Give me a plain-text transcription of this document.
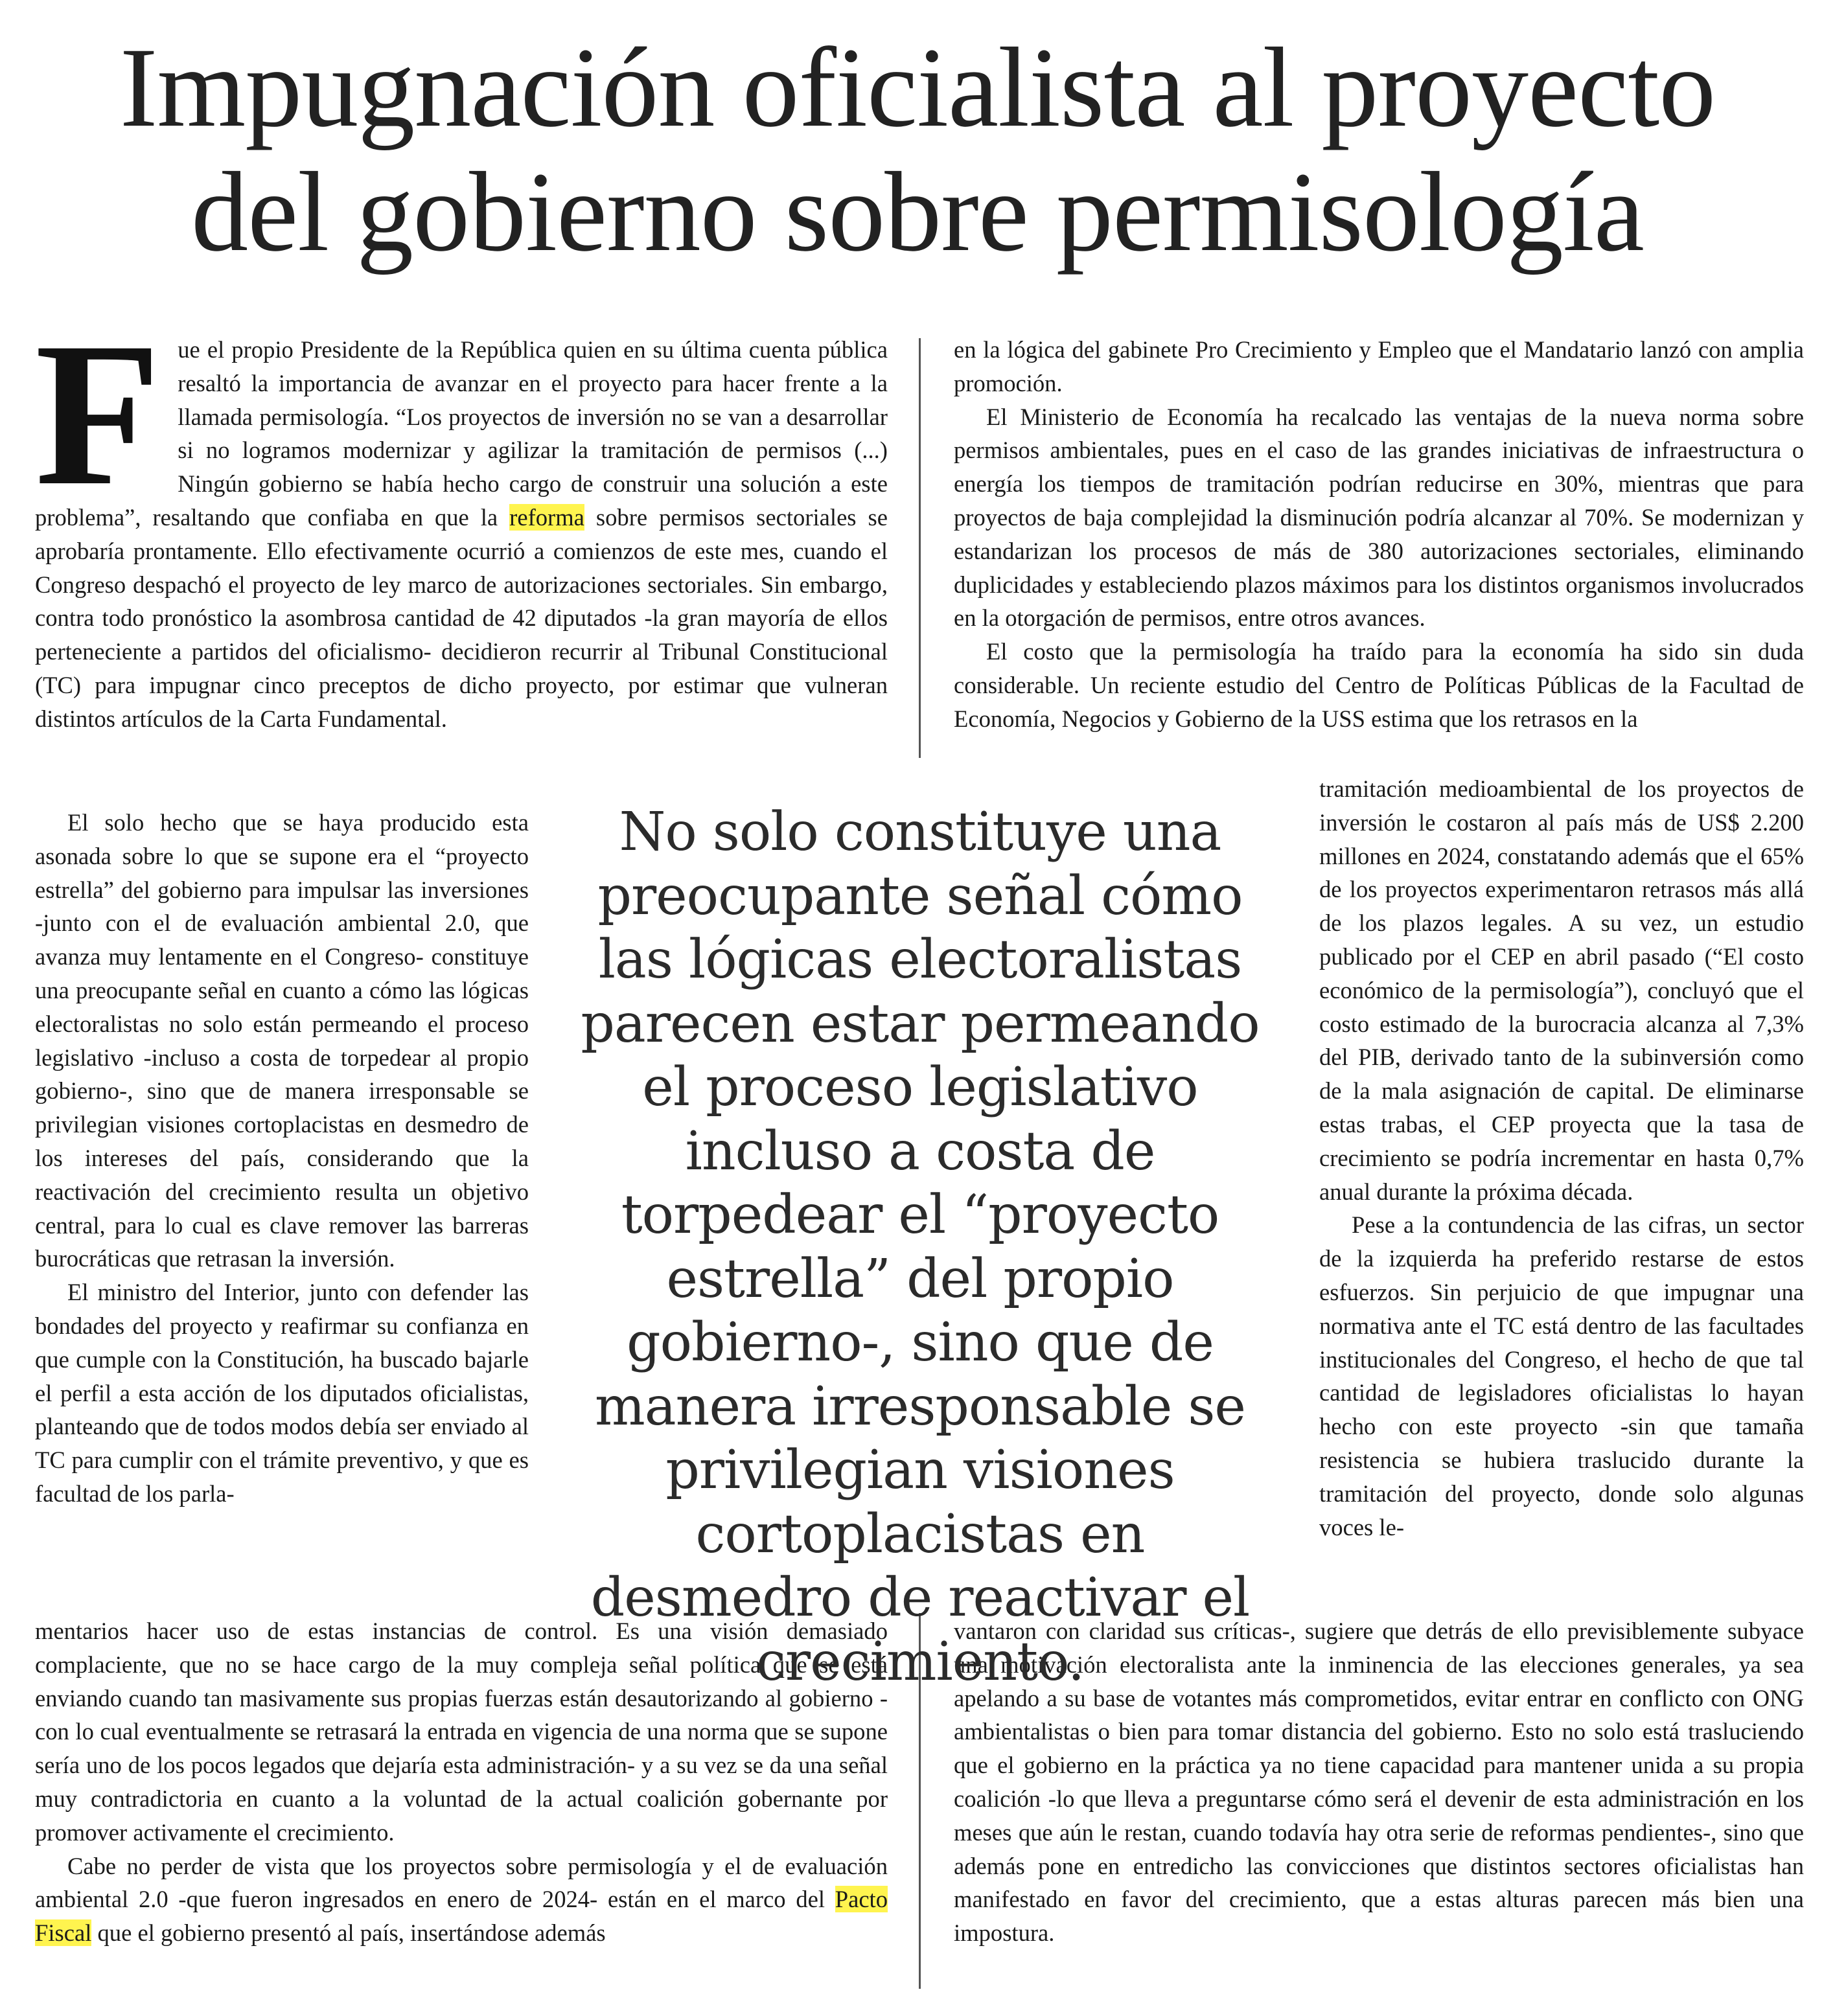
Impugnación oficialista al proyecto
del gobierno sobre permisología

Fue el propio Presidente de la República quien en su última cuenta pública resaltó la importancia de avanzar en el proyecto para hacer frente a la llamada permisología. “Los proyectos de inversión no se van a desarrollar si no logramos modernizar y agilizar la tramitación de permisos (...) Ningún gobierno se había hecho cargo de construir una solución a este problema”, resaltando que confiaba en que la reforma sobre permisos sectoriales se aprobaría prontamente. Ello efectivamente ocurrió a comienzos de este mes, cuando el Congreso despachó el proyecto de ley marco de autorizaciones sectoriales. Sin embargo, contra todo pronóstico la asombrosa cantidad de 42 diputados -la gran mayoría de ellos perteneciente a partidos del oficialismo- decidieron recurrir al Tribunal Constitucional (TC) para impugnar cinco preceptos de dicho proyecto, por estimar que vulneran distintos artículos de la Carta Fundamental.

El solo hecho que se haya producido esta asonada sobre lo que se supone era el “proyecto estrella” del gobierno para impulsar las inversiones -junto con el de evaluación ambiental 2.0, que avanza muy lentamente en el Congreso- constituye una preocupante señal en cuanto a cómo las lógicas electoralistas no solo están permeando el proceso legislativo -incluso a costa de torpedear al propio gobierno-, sino que de manera irresponsable se privilegian visiones cortoplacistas en desmedro de los intereses del país, considerando que la reactivación del crecimiento resulta un objetivo central, para lo cual es clave remover las barreras burocráticas que retrasan la inversión.

El ministro del Interior, junto con defender las bondades del proyecto y reafirmar su confianza en que cumple con la Constitución, ha buscado bajarle el perfil a esta acción de los diputados oficialistas, planteando que de todos modos debía ser enviado al TC para cumplir con el trámite preventivo, y que es facultad de los parla-

mentarios hacer uso de estas instancias de control. Es una visión demasiado complaciente, que no se hace cargo de la muy compleja señal política que se está enviando cuando tan masivamente sus propias fuerzas están desautorizando al gobierno -con lo cual eventualmente se retrasará la entrada en vigencia de una norma que se supone sería uno de los pocos legados que dejaría esta administración- y a su vez se da una señal muy contradictoria en cuanto a la voluntad de la actual coalición gobernante por promover activamente el crecimiento.

Cabe no perder de vista que los proyectos sobre permisología y el de evaluación ambiental 2.0 -que fueron ingresados en enero de 2024- están en el marco del Pacto Fiscal que el gobierno presentó al país, insertándose además

en la lógica del gabinete Pro Crecimiento y Empleo que el Mandatario lanzó con amplia promoción.

El Ministerio de Economía ha recalcado las ventajas de la nueva norma sobre permisos ambientales, pues en el caso de las grandes iniciativas de infraestructura o energía los tiempos de tramitación podrían reducirse en 30%, mientras que para proyectos de baja complejidad la disminución podría alcanzar al 70%. Se modernizan y estandarizan los procesos de más de 380 autorizaciones sectoriales, eliminando duplicidades y estableciendo plazos máximos para los distintos organismos involucrados en la otorgación de permisos, entre otros avances.

El costo que la permisología ha traído para la economía ha sido sin duda considerable. Un reciente estudio del Centro de Políticas Públicas de la Facultad de Economía, Negocios y Gobierno de la USS estima que los retrasos en la

tramitación medioambiental de los proyectos de inversión le costaron al país más de US$ 2.200 millones en 2024, constatando además que el 65% de los proyectos experimentaron retrasos más allá de los plazos legales. A su vez, un estudio publicado por el CEP en abril pasado (“El costo económico de la permisología”), concluyó que el costo estimado de la burocracia alcanza al 7,3% del PIB, derivado tanto de la subinversión como de la mala asignación de capital. De eliminarse estas trabas, el CEP proyecta que la tasa de crecimiento se podría incrementar en hasta 0,7% anual durante la próxima década.

Pese a la contundencia de las cifras, un sector de la izquierda ha preferido restarse de estos esfuerzos. Sin perjuicio de que impugnar una normativa ante el TC está dentro de las facultades institucionales del Congreso, el hecho de que tal cantidad de legisladores oficialistas lo hayan hecho con este proyecto -sin que tamaña resistencia se hubiera traslucido durante la tramitación del proyecto, donde solo algunas voces le-

vantaron con claridad sus críticas-, sugiere que detrás de ello previsiblemente subyace una motivación electoralista ante la inminencia de las elecciones generales, ya sea apelando a su base de votantes más comprometidos, evitar entrar en conflicto con ONG ambientalistas o bien para tomar distancia del gobierno. Esto no solo está trasluciendo que el gobierno en la práctica ya no tiene capacidad para mantener unida a su propia coalición -lo que lleva a preguntarse cómo será el devenir de esta administración en los meses que aún le restan, cuando todavía hay otra serie de reformas pendientes-, sino que además pone en entredicho las convicciones que distintos sectores oficialistas han manifestado en favor del crecimiento, que a estas alturas parecen más bien una impostura.

No solo constituye una preocupante señal cómo las lógicas electoralistas parecen estar permeando el proceso legislativo incluso a costa de torpedear el “proyecto estrella” del propio gobierno-, sino que de manera irresponsable se privilegian visiones cortoplacistas en desmedro de reactivar el crecimiento.
